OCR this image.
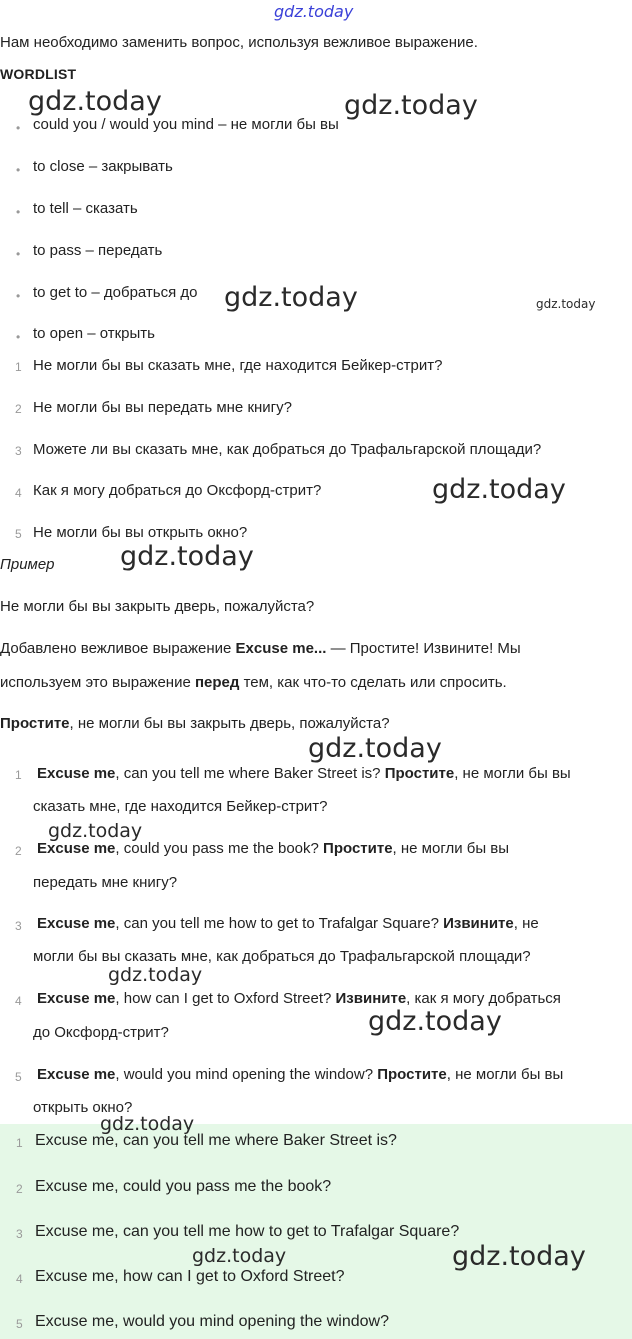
gdz.today
Нам необходимо заменить вопрос, используя вежливое выражение.
WORDLIST
• could you / would you mind – не могли бы вы
• to close – закрывать
• to tell – сказать
• to pass – передать
• to get to – добраться до
• to open – открыть
1 Не могли бы вы сказать мне, где находится Бейкер-стрит?
2 Не могли бы вы передать мне книгу?
3 Можете ли вы сказать мне, как добраться до Трафальгарской площади?
4 Как я могу добраться до Оксфорд-стрит?
5 Не могли бы вы открыть окно?
Пример
Не могли бы вы закрыть дверь, пожалуйста?
Добавлено вежливое выражение Excuse me... — Простите! Извините! Мы
используем это выражение перед тем, как что-то сделать или спросить.
Простите, не могли бы вы закрыть дверь, пожалуйста?
1 Excuse me, can you tell me where Baker Street is? Простите, не могли бы вы
сказать мне, где находится Бейкер-стрит?
2 Excuse me, could you pass me the book? Простите, не могли бы вы
передать мне книгу?
3 Excuse me, can you tell me how to get to Trafalgar Square? Извините, не
могли бы вы сказать мне, как добраться до Трафальгарской площади?
4 Excuse me, how can I get to Oxford Street? Извините, как я могу добраться
до Оксфорд-стрит?
5 Excuse me, would you mind opening the window? Простите, не могли бы вы
открыть окно?
1 Excuse me, can you tell me where Baker Street is?
2 Excuse me, could you pass me the book?
3 Excuse me, can you tell me how to get to Trafalgar Square?
4 Excuse me, how can I get to Oxford Street?
5 Excuse me, would you mind opening the window?
gdz.today	gdz.today
gdz.today	gdz.today
gdz.today
gdz.today
gdz.today
gdz.today
gdz.today
gdz.today
gdz.today
gdz.today	gdz.today
